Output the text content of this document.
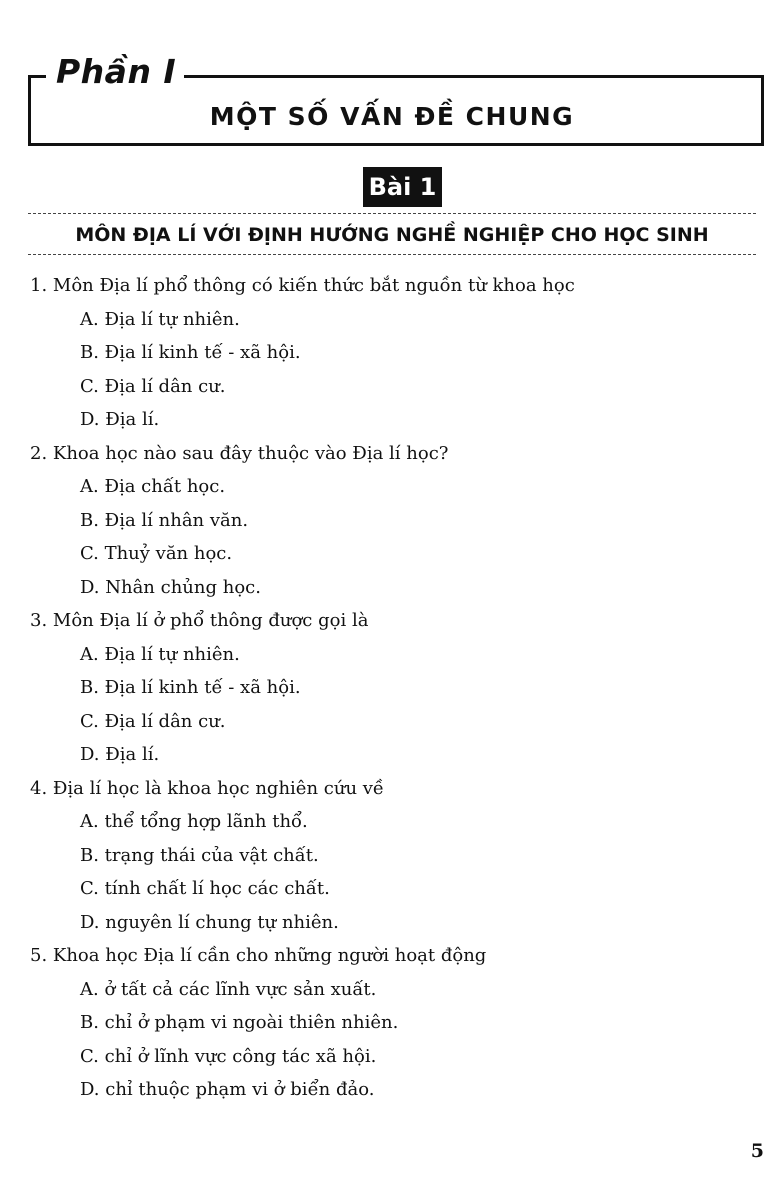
Phần I
MỘT SỐ VẤN ĐỀ CHUNG
Bài 1
MÔN ĐỊA LÍ VỚI ĐỊNH HƯỚNG NGHỀ NGHIỆP CHO HỌC SINH
1. Môn Địa lí phổ thông có kiến thức bắt nguồn từ khoa học
A. Địa lí tự nhiên.
B. Địa lí kinh tế - xã hội.
C. Địa lí dân cư.
D. Địa lí.
2. Khoa học nào sau đây thuộc vào Địa lí học?
A. Địa chất học.
B. Địa lí nhân văn.
C. Thuỷ văn học.
D. Nhân chủng học.
3. Môn Địa lí ở phổ thông được gọi là
A. Địa lí tự nhiên.
B. Địa lí kinh tế - xã hội.
C. Địa lí dân cư.
D. Địa lí.
4. Địa lí học là khoa học nghiên cứu về
A. thể tổng hợp lãnh thổ.
B. trạng thái của vật chất.
C. tính chất lí học các chất.
D. nguyên lí chung tự nhiên.
5. Khoa học Địa lí cần cho những người hoạt động
A. ở tất cả các lĩnh vực sản xuất.
B. chỉ ở phạm vi ngoài thiên nhiên.
C. chỉ ở lĩnh vực công tác xã hội.
D. chỉ thuộc phạm vi ở biển đảo.
5
